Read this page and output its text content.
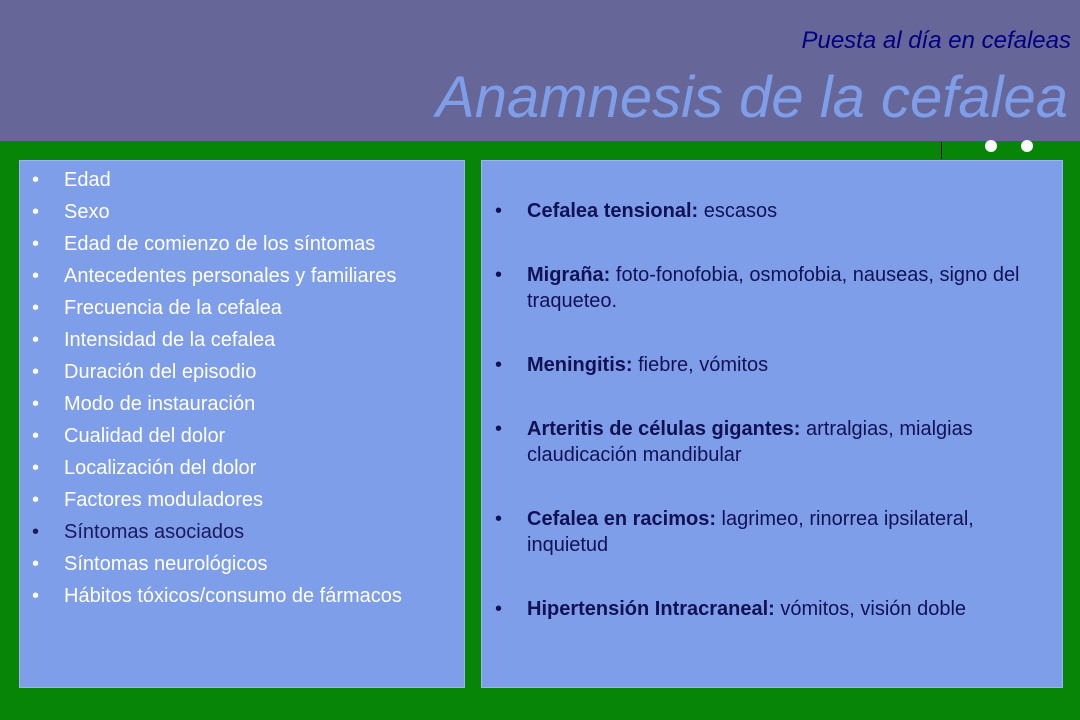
Puesta al día en cefaleas
Anamnesis de la cefalea
• Edad
• Sexo
• Edad de comienzo de los síntomas
• Antecedentes personales y familiares
• Frecuencia de la cefalea
• Intensidad de la cefalea
• Duración del episodio
• Modo de instauración
• Cualidad del dolor
• Localización del dolor
• Factores moduladores
• Síntomas asociados
• Síntomas neurológicos
• Hábitos tóxicos/consumo de fármacos
• Cefalea tensional: escasos
• Migraña: foto-fonofobia, osmofobia, nauseas, signo del traqueteo.
• Meningitis: fiebre, vómitos
• Arteritis de células gigantes: artralgias, mialgias claudicación mandibular
• Cefalea en racimos: lagrimeo, rinorrea ipsilateral, inquietud
• Hipertensión Intracraneal: vómitos, visión doble
